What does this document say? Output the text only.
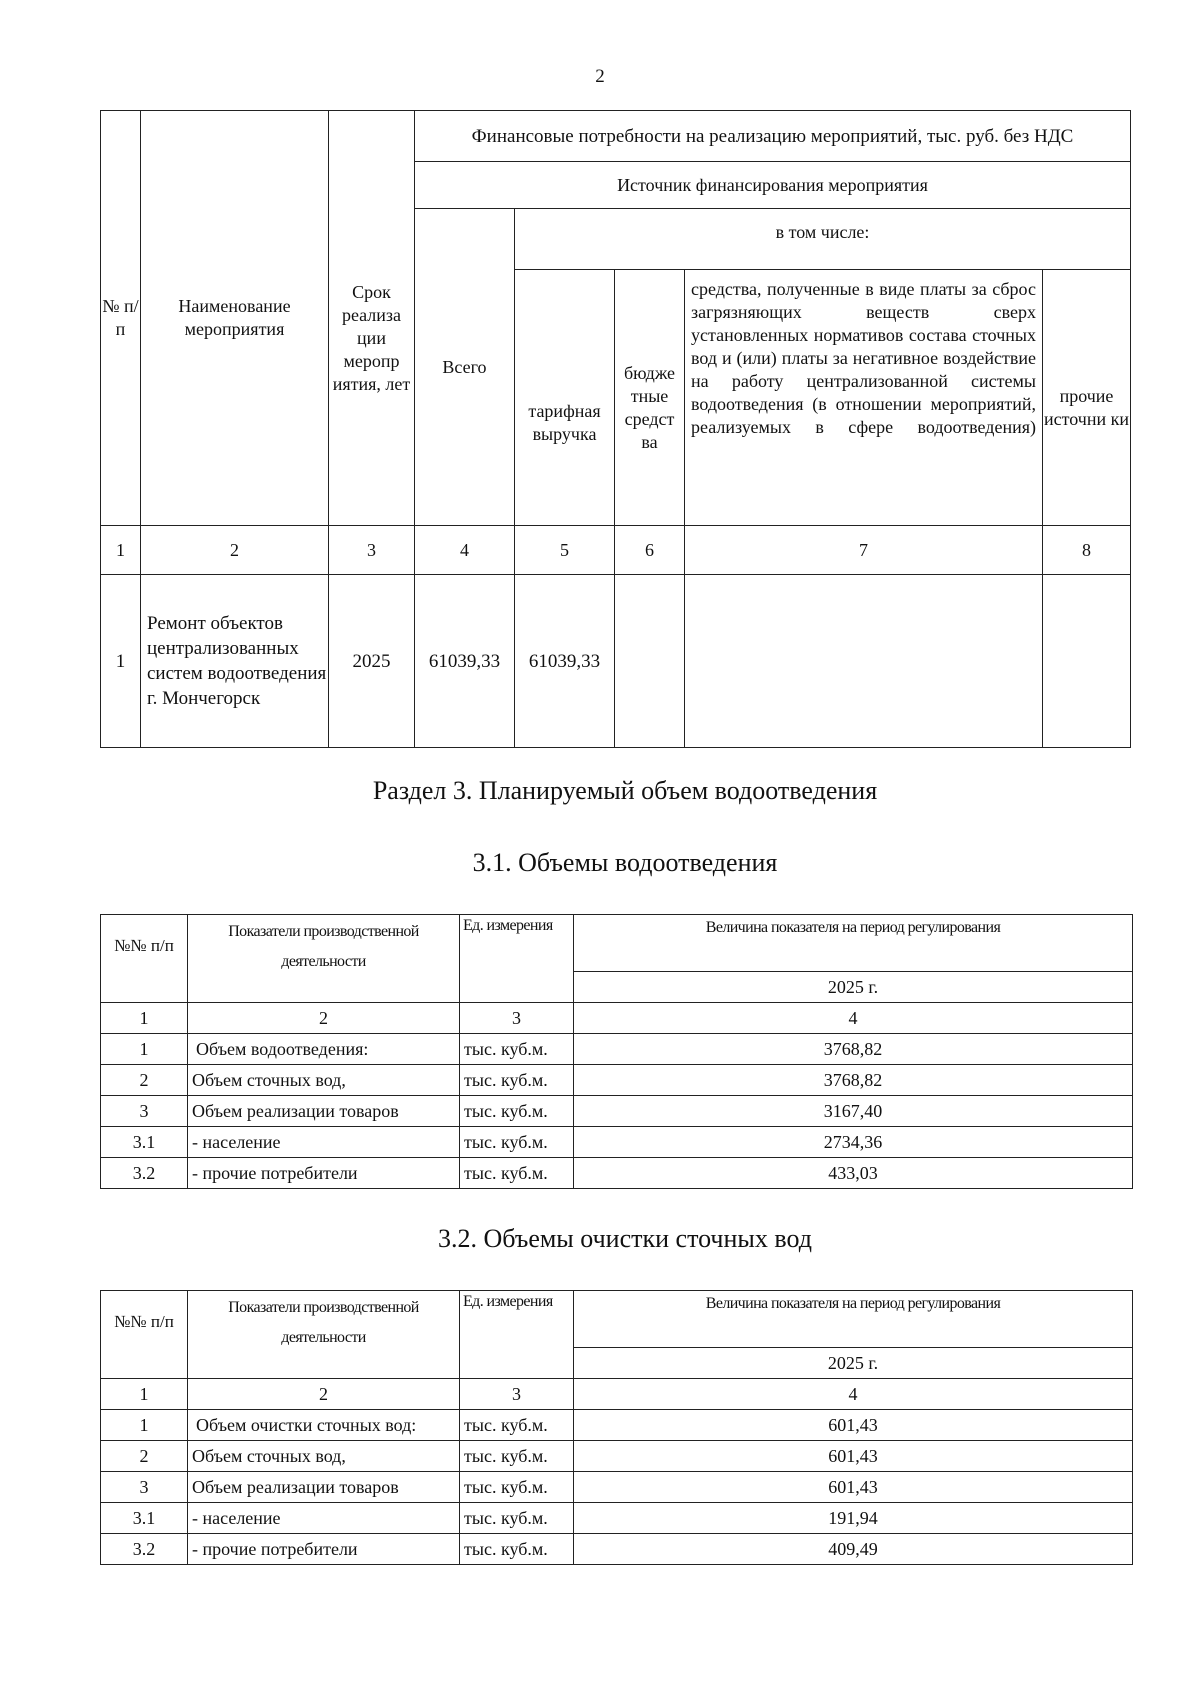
2
№ п/п	Наименование мероприятия	Срок реализа ции меропр иятия, лет	Финансовые потребности на реализацию мероприятий, тыс. руб. без НДС				
			Источник финансирования мероприятия				
			Всего	в том числе:			
				тарифная выручка	бюдже тные средст ва	средства, полученные в виде платы за сброс загрязняющих веществ сверх установленных нормативов состава сточных вод и (или) платы за негативное воздействие на работу централизованной системы водоотведения (в отношении мероприятий, реализуемых в сфере водоотведения)	прочие источни ки
1	2	3	4	5	6	7	8
1	Ремонт объектов централизованных систем водоотведения г. Мончегорск	2025	61039,33	61039,33			
Раздел 3. Планируемый объем водоотведения
3.1. Объемы водоотведения
№№ п/п	Показатели производственной деятельности	Ед. измерения	Величина показателя на период регулирования
			2025 г.
1	2	3	4
1	Объем водоотведения:	тыс. куб.м.	3768,82
2	Объем сточных вод,	тыс. куб.м.	3768,82
3	Объем реализации товаров	тыс. куб.м.	3167,40
3.1	- население	тыс. куб.м.	2734,36
3.2	- прочие потребители	тыс. куб.м.	433,03
3.2. Объемы очистки сточных вод
№№ п/п	Показатели производственной деятельности	Ед. измерения	Величина показателя на период регулирования
			2025 г.
1	2	3	4
1	Объем очистки сточных вод:	тыс. куб.м.	601,43
2	Объем сточных вод,	тыс. куб.м.	601,43
3	Объем реализации товаров	тыс. куб.м.	601,43
3.1	- население	тыс. куб.м.	191,94
3.2	- прочие потребители	тыс. куб.м.	409,49
